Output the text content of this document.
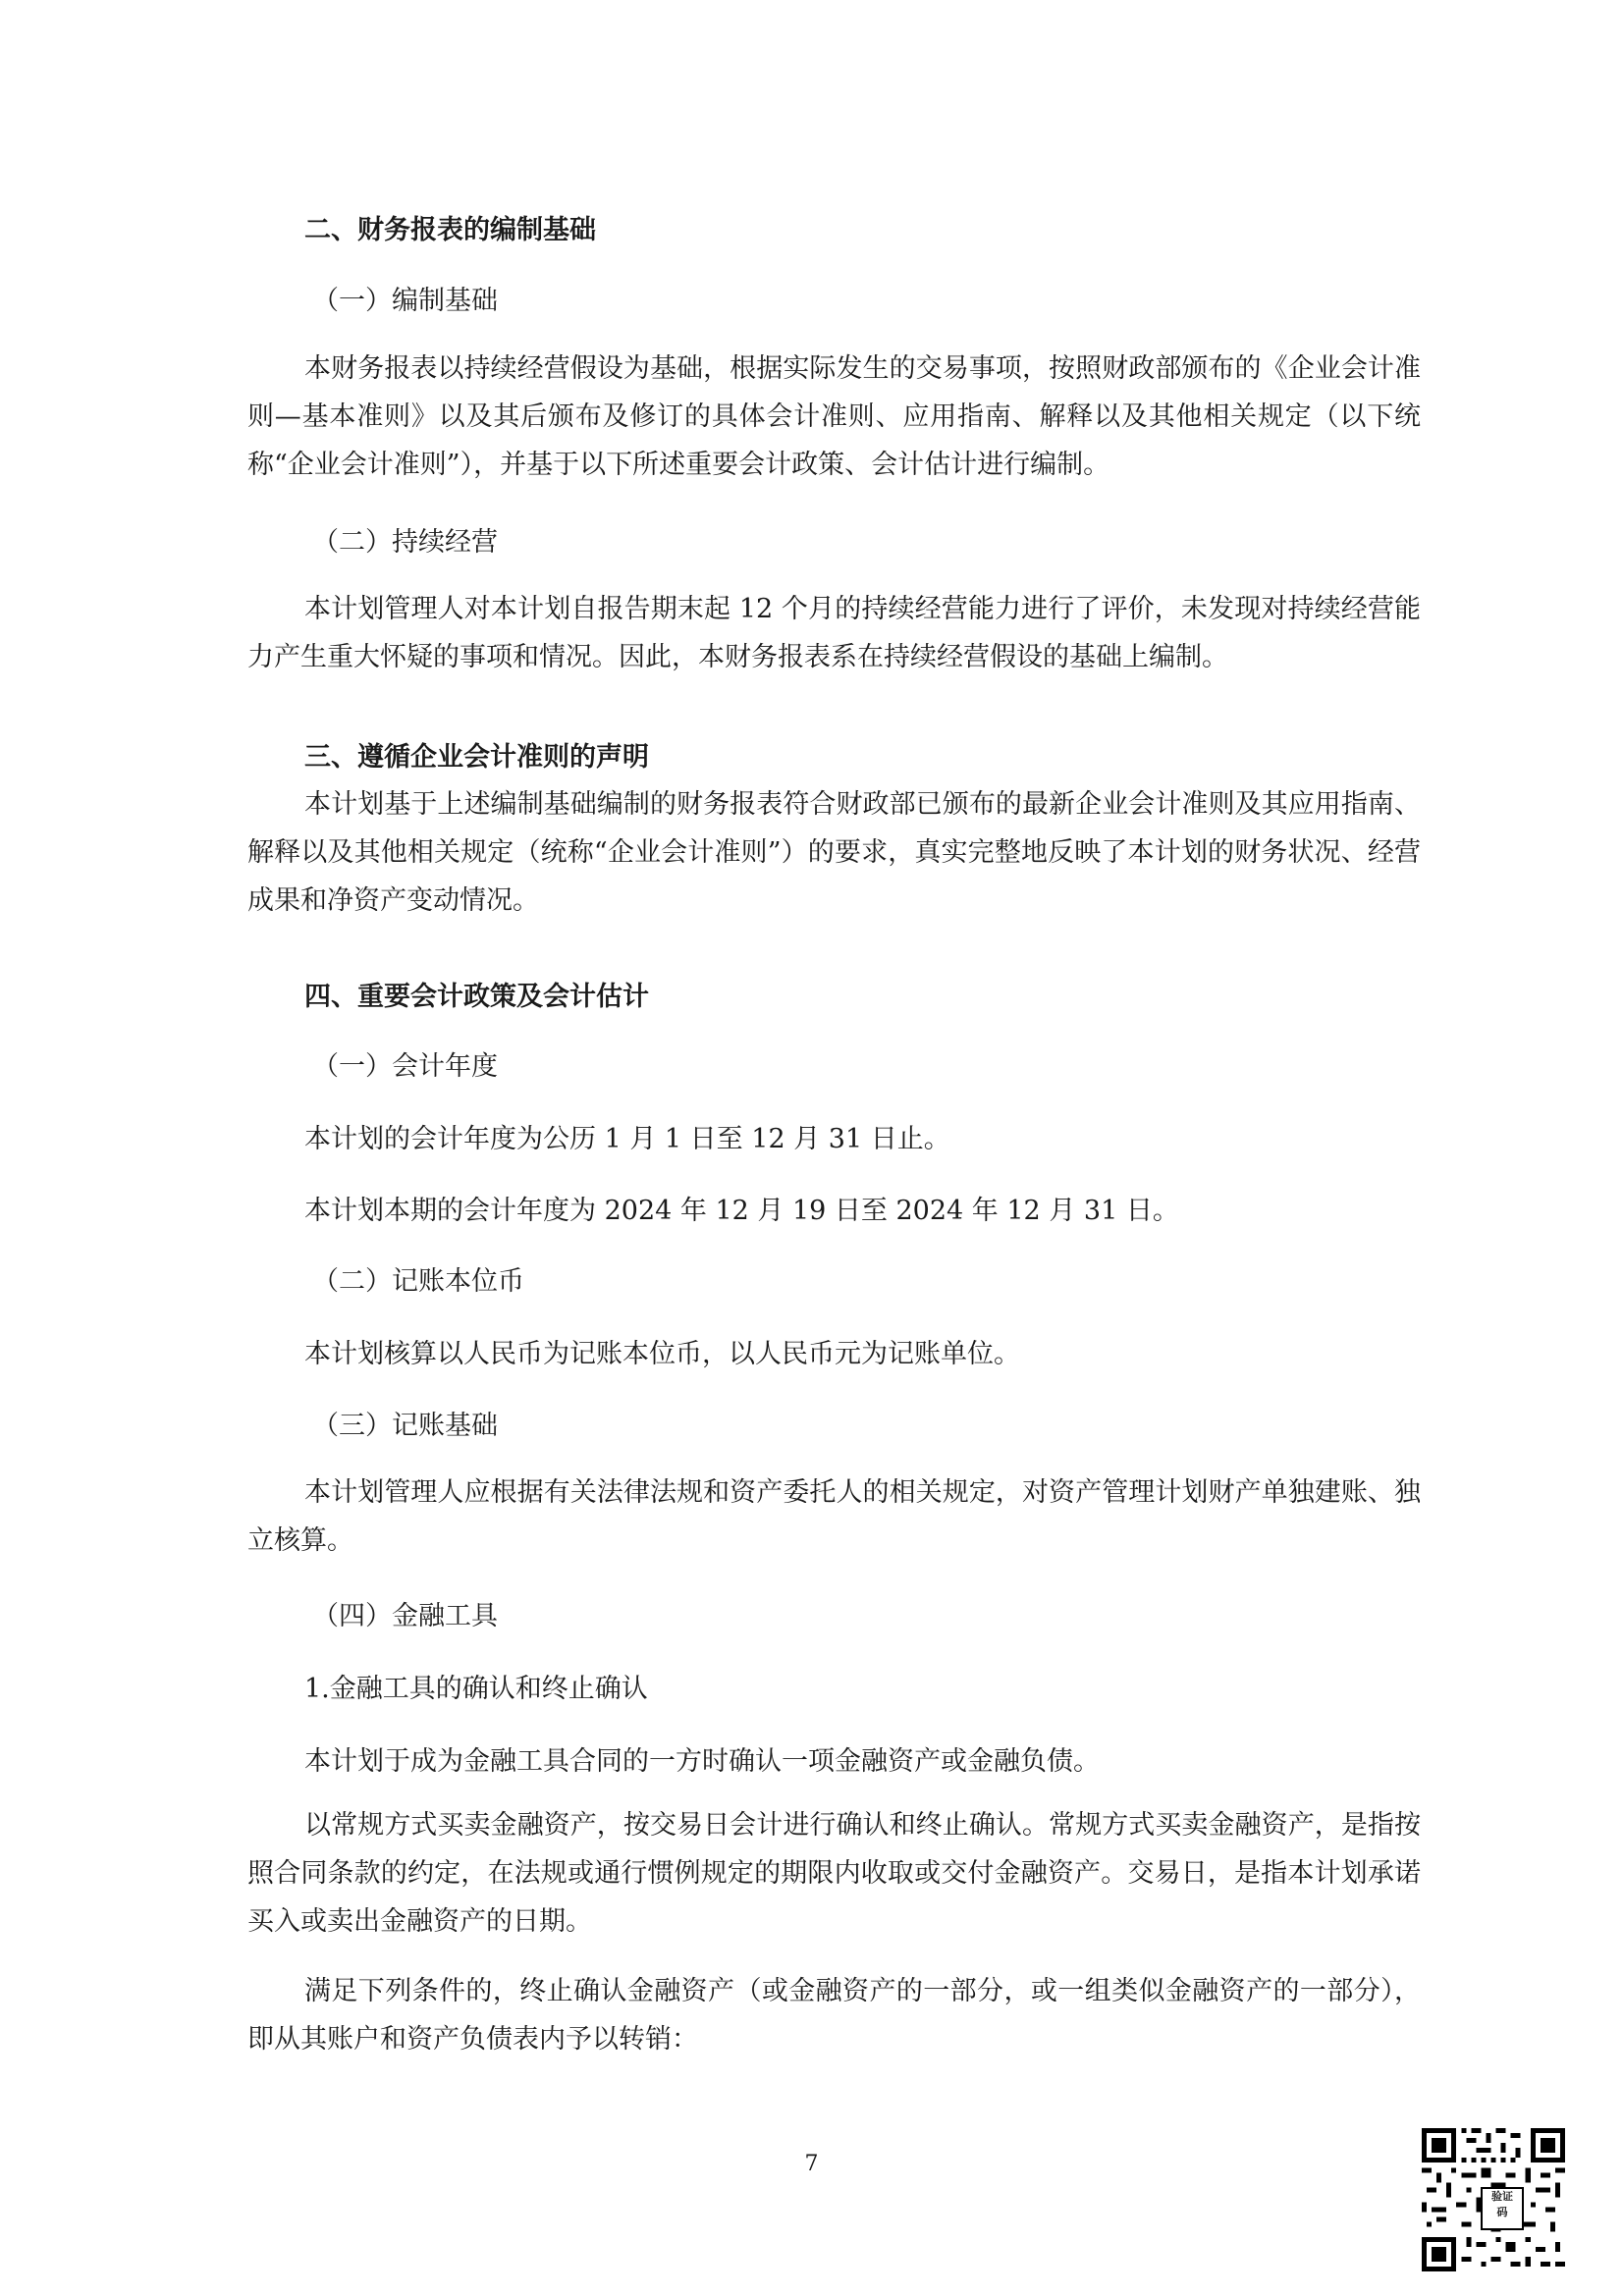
二、财务报表的编制基础
（一）编制基础
本财务报表以持续经营假设为基础，根据实际发生的交易事项，按照财政部颁布的《企业会计准则—基本准则》以及其后颁布及修订的具体会计准则、应用指南、解释以及其他相关规定（以下统称“企业会计准则”），并基于以下所述重要会计政策、会计估计进行编制。
（二）持续经营
本计划管理人对本计划自报告期末起 12 个月的持续经营能力进行了评价，未发现对持续经营能力产生重大怀疑的事项和情况。因此，本财务报表系在持续经营假设的基础上编制。
三、遵循企业会计准则的声明
本计划基于上述编制基础编制的财务报表符合财政部已颁布的最新企业会计准则及其应用指南、解释以及其他相关规定（统称“企业会计准则”）的要求，真实完整地反映了本计划的财务状况、经营成果和净资产变动情况。
四、重要会计政策及会计估计
（一）会计年度
本计划的会计年度为公历 1 月 1 日至 12 月 31 日止。
本计划本期的会计年度为 2024 年 12 月 19 日至 2024 年 12 月 31 日。
（二）记账本位币
本计划核算以人民币为记账本位币，以人民币元为记账单位。
（三）记账基础
本计划管理人应根据有关法律法规和资产委托人的相关规定，对资产管理计划财产单独建账、独立核算。
（四）金融工具
1.金融工具的确认和终止确认
本计划于成为金融工具合同的一方时确认一项金融资产或金融负债。
以常规方式买卖金融资产，按交易日会计进行确认和终止确认。常规方式买卖金融资产，是指按照合同条款的约定，在法规或通行惯例规定的期限内收取或交付金融资产。交易日，是指本计划承诺买入或卖出金融资产的日期。
满足下列条件的，终止确认金融资产（或金融资产的一部分，或一组类似金融资产的一部分），即从其账户和资产负债表内予以转销：
7
验证
码
